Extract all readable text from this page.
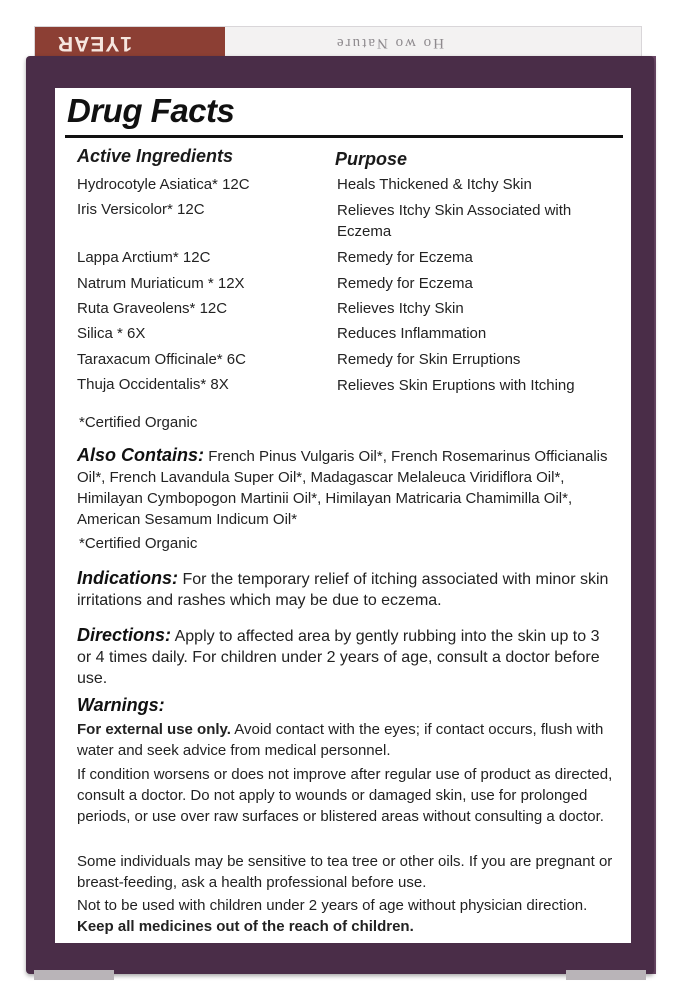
1YEAR	Ho wo Nature
Drug Facts
Active Ingredients	Purpose
Hydrocotyle Asiatica* 12C	Heals Thickened & Itchy Skin
Iris Versicolor* 12C	Relieves Itchy Skin Associated with Eczema
Lappa Arctium* 12C	Remedy for Eczema
Natrum Muriaticum * 12X	Remedy for Eczema
Ruta Graveolens* 12C	Relieves Itchy Skin
Silica * 6X	Reduces Inflammation
Taraxacum Officinale* 6C	Remedy for Skin Erruptions
Thuja Occidentalis* 8X	Relieves Skin Eruptions with Itching
*Certified Organic
Also Contains: French Pinus Vulgaris Oil*, French Rosemarinus Officianalis Oil*, French Lavandula Super Oil*, Madagascar Melaleuca Viridiflora Oil*, Himilayan Cymbopogon Martinii Oil*, Himilayan Matricaria Chamimilla Oil*, American Sesamum Indicum Oil*
*Certified Organic
Indications: For the temporary relief of itching associated with minor skin irritations and rashes which may be due to eczema.
Directions: Apply to affected area by gently rubbing into the skin up to 3 or 4 times daily. For children under 2 years of age, consult a doctor before use.
Warnings:
For external use only. Avoid contact with the eyes; if contact occurs, flush with water and seek advice from medical personnel.
If condition worsens or does not improve after regular use of product as directed, consult a doctor. Do not apply to wounds or damaged skin, use for prolonged periods, or use over raw surfaces or blistered areas without consulting a doctor.
Some individuals may be sensitive to tea tree or other oils. If you are pregnant or breast-feeding, ask a health professional before use.
Not to be used with children under 2 years of age without physician direction. Keep all medicines out of the reach of children.
